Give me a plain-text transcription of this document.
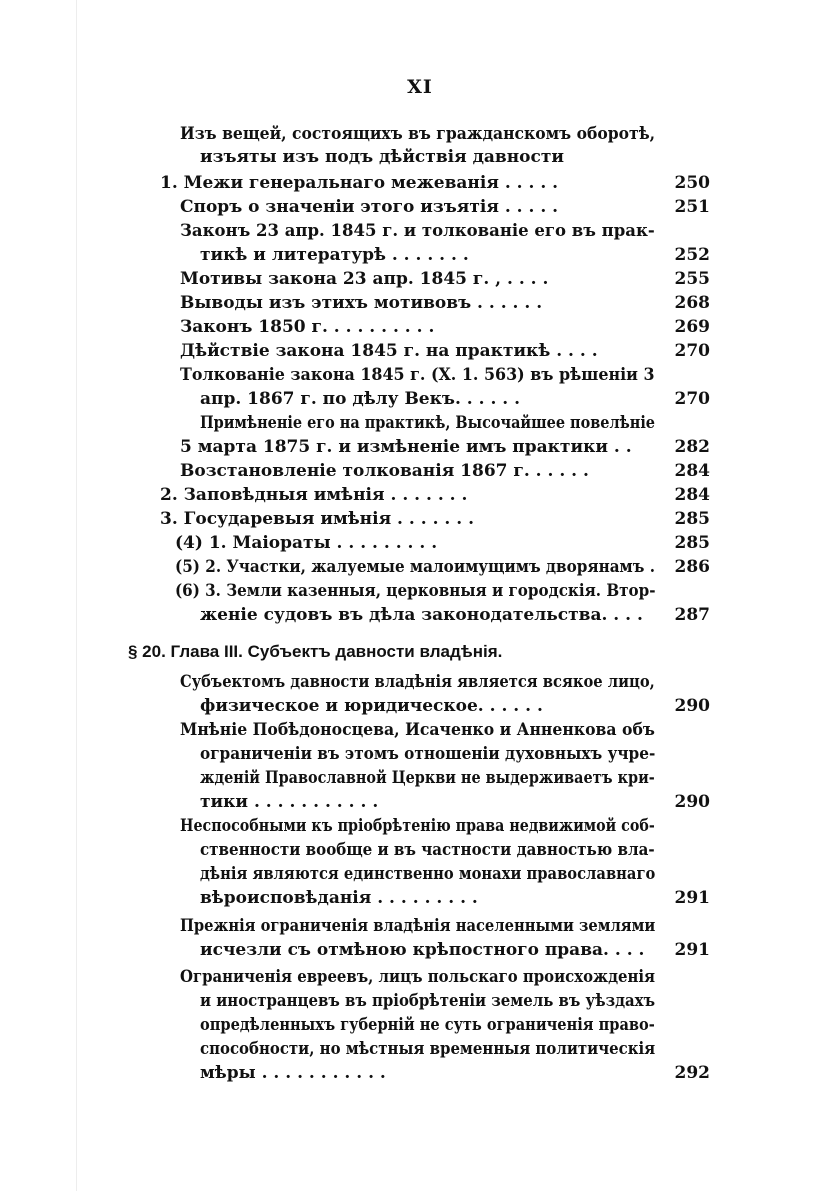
XI
Изъ вещей, состоящихъ въ гражданскомъ оборотѣ,
изъяты изъ подъ дѣйствія давности
1. Межи генеральнаго межеванія . . . . .	250
Споръ о значеніи этого изъятія . . . . .	251
Законъ 23 апр. 1845 г. и толкованіе его въ прак-
тикѣ и литературѣ . . . . . . .	252
Мотивы закона 23 апр. 1845 г. , . . . .	255
Выводы изъ этихъ мотивовъ . . . . . .	268
Законъ 1850 г. . . . . . . . . .	269
Дѣйствіе закона 1845 г. на практикѣ . . . .	270
Толкованіе закона 1845 г. (X. 1. 563) въ рѣшеніи 3
апр. 1867 г. по дѣлу Векъ. . . . . .	270
Примѣненіе его на практикѣ, Высочайшее повелѣніе
5 марта 1875 г. и измѣненіе имъ практики . .	282
Возстановленіе толкованія 1867 г. . . . . .	284
2. Заповѣдныя имѣнія . . . . . . .	284
3. Государевыя имѣнія . . . . . . .	285
(4) 1. Маіораты . . . . . . . . .	285
(5) 2. Участки, жалуемые малоимущимъ дворянамъ .	286
(6) 3. Земли казенныя, церковныя и городскія. Втор-
женіе судовъ въ дѣла законодательства. . . .	287
§ 20. Глава III. Субъектъ давности владѣнія.
Субъектомъ давности владѣнія является всякое лицо,
физическое и юридическое. . . . . .	290
Мнѣніе Побѣдоносцева, Исаченко и Анненкова объ
ограниченіи въ этомъ отношеніи духовныхъ учре-
жденій Православной Церкви не выдерживаетъ кри-
тики . . . . . . . . . . .	290
Неспособными къ пріобрѣтенію права недвижимой соб-
ственности вообще и въ частности давностью вла-
дѣнія являются единственно монахи православнаго
вѣроисповѣданія . . . . . . . . .	291
Прежнія ограниченія владѣнія населенными землями
исчезли съ отмѣною крѣпостного права. . . .	291
Ограниченія евреевъ, лицъ польскаго происхожденія
и иностранцевъ въ пріобрѣтеніи земель въ уѣздахъ
опредѣленныхъ губерній не суть ограниченія право-
способности, но мѣстныя временныя политическія
мѣры . . . . . . . . . . .	292
